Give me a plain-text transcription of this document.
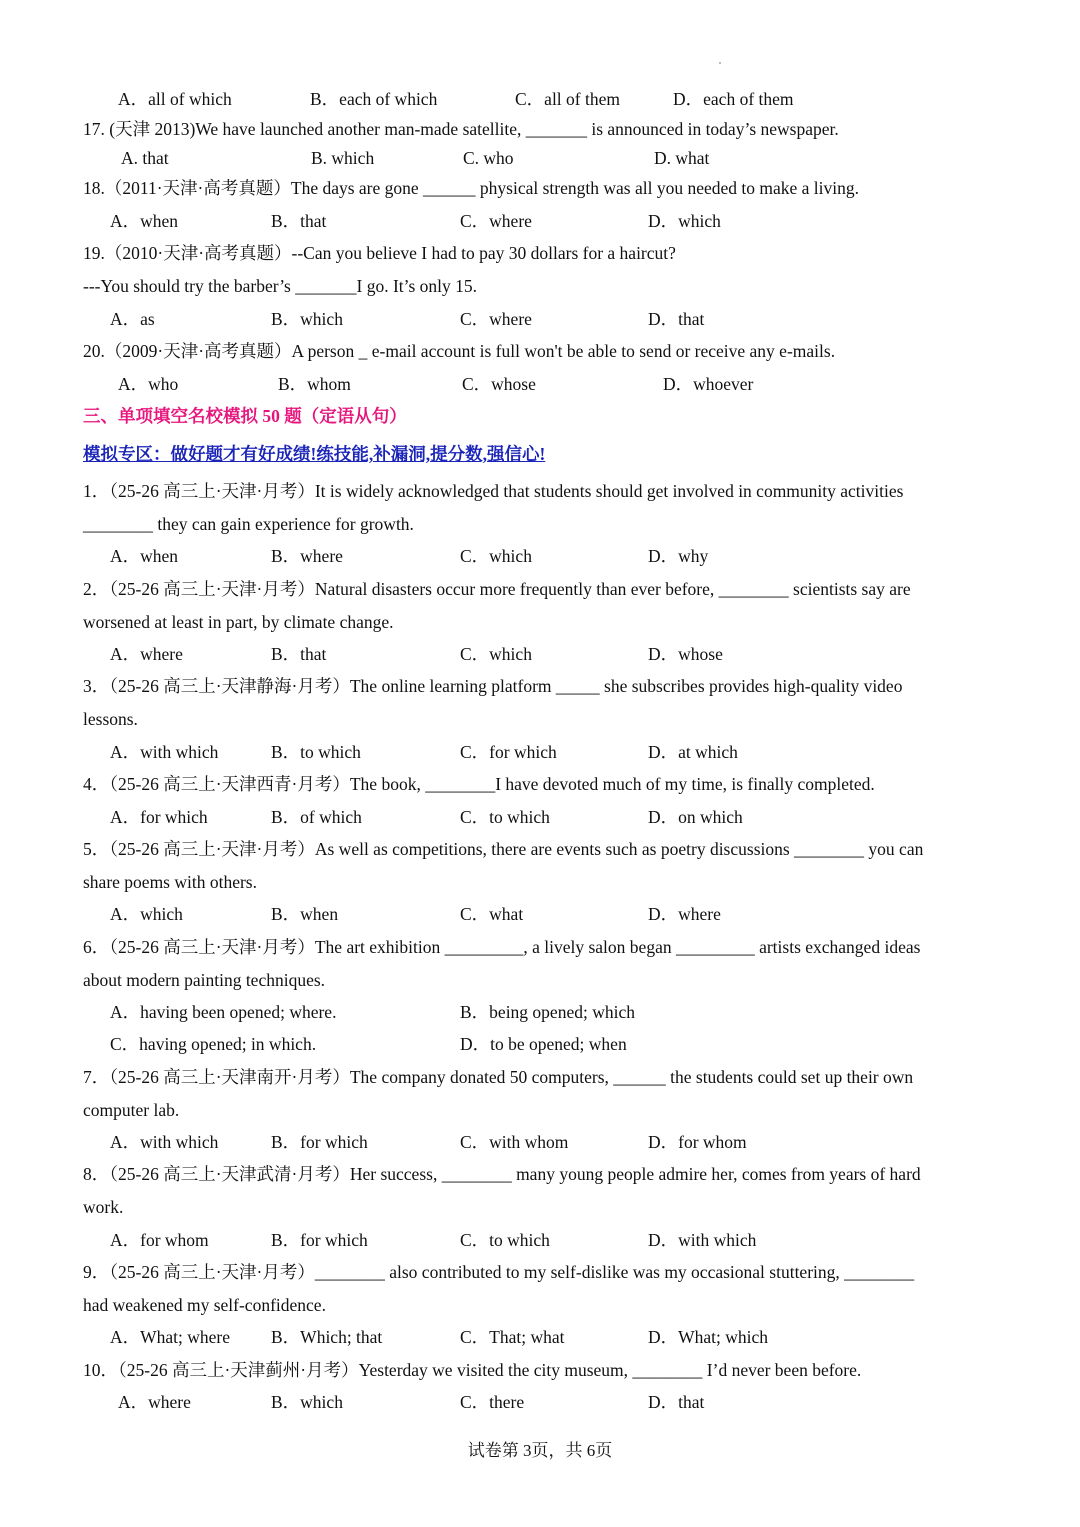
A．all of which	B．each of which	C．all of them	D．each of them
17. (天津 2013)We have launched another man-made satellite, _______ is announced in today’s newspaper.
A. that	B. which	C. who	D. what
18.（2011·天津·高考真题）The days are gone ______ physical strength was all you needed to make a living.
A．when	B．that	C．where	D．which
19.（2010·天津·高考真题）--Can you believe I had to pay 30 dollars for a haircut?
---You should try the barber’s _______I go. It’s only 15.
A．as	B．which	C．where	D．that
20.（2009·天津·高考真题）A person _ e-mail account is full won't be able to send or receive any e-mails.
A．who	B．whom	C．whose	D．whoever
三、单项填空名校模拟 50 题（定语从句）
模拟专区：做好题才有好成绩!练技能,补漏洞,提分数,强信心!
1．（25-26 高三上·天津·月考）It is widely acknowledged that students should get involved in community activities
________ they can gain experience for growth.
A．when	B．where	C．which	D．why
2．（25-26 高三上·天津·月考）Natural disasters occur more frequently than ever before, ________ scientists say are
worsened at least in part, by climate change.
A．where	B．that	C．which	D．whose
3．（25-26 高三上·天津静海·月考）The online learning platform _____ she subscribes provides high-quality video
lessons.
A．with which	B．to which	C．for which	D．at which
4．（25-26 高三上·天津西青·月考）The book, ________I have devoted much of my time, is finally completed.
A．for which	B．of which	C．to which	D．on which
5．（25-26 高三上·天津·月考）As well as competitions, there are events such as poetry discussions ________ you can
share poems with others.
A．which	B．when	C．what	D．where
6．（25-26 高三上·天津·月考）The art exhibition _________, a lively salon began _________ artists exchanged ideas
about modern painting techniques.
A．having been opened; where.	B．being opened; which
C．having opened; in which.	D．to be opened; when
7．（25-26 高三上·天津南开·月考）The company donated 50 computers, ______ the students could set up their own
computer lab.
A．with which	B．for which	C．with whom	D．for whom
8．（25-26 高三上·天津武清·月考）Her success, ________ many young people admire her, comes from years of hard
work.
A．for whom	B．for which	C．to which	D．with which
9．（25-26 高三上·天津·月考）________ also contributed to my self-dislike was my occasional stuttering, ________
had weakened my self-confidence.
A．What; where B．Which; that	C．That; what	D．What; which
10．（25-26 高三上·天津蓟州·月考）Yesterday we visited the city museum, ________ I’d never been before.
A．where	B．which	C．there	D．that
试卷第 3页，共 6页
